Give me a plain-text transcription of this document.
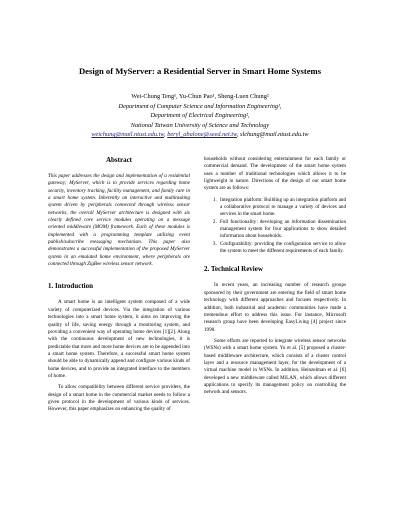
Design of MyServer: a Residential Server in Smart Home Systems
Wei-Chung Teng¹, Yu-Chun Pao¹, Sheng-Luen Chung²
Department of Computer Science and Information Engineering¹,
Department of Electrical Engineering²,
National Taiwan University of Science and Technology
weichung@mail.ntust.edu.tw, beryl_abalone@seed.net.tw, slchung@mail.ntust.edu.tw
Abstract
This paper addresses the design and implementation of a residential gateway; MyServer, which is to provide services regarding home security, inventory tracking, facility management, and family care in a smart home system. Inherently an interactive and multitasking system driven by peripherals connected through wireless sensor networks, the overall MyServer architecture is designed with six clearly defined core service modules operating on a message oriented middleware (MOM) framework. Each of these modules is implemented with a programming template utilizing event publish/subscribe messaging mechanism. This paper also demonstrates a successful implementation of the proposed MyServer system in an emulated home environment, where peripherals are connected through ZigBee wireless sensor network.
1. Introduction

A smart home is an intelligent system composed of a wide variety of computerized devices. Via the integration of various technologies into a smart home system, it aims on improving the quality of life, saving energy through a monitoring system, and providing a convenient way of operating home devices [1][2]. Along with the continuous development of new technologies, it is predictable that more and more home devices are to be appended into a smart home system. Therefore, a successful smart home system should be able to dynamically append and configure various kinds of home devices, and to provide an integrated interface to the members of home.

To allow compatibility between different service providers, the design of a smart home in the commercial market needs to follow a given protocol in the development of various kinds of services. However, this paper emphasizes on enhancing the quality of

households without considering entertainment for each family or commercial demand. The development of the smart home system uses a number of traditional technologies which allows it to be lightweight in nature. Directions of the design of our smart home system are as follows:

1. Integration platform: Building up an integration platform and a collaborative protocol to manage a variety of devices and services in the smart home.
2. Full functionality: developing an information dissemination management system for four applications to show detailed information about households.
3. Configurability: providing the configuration service to allow the system to meet the different requirements of each family.
2. Technical Review

In recent years, an increasing number of research groups sponsored by their government are entering the field of smart home technology with different approaches and focuses respectively. In addition, both industrial and academic communities have made a tremendous effort to address this issue. For instance, Microsoft research group have been developing EasyLiving [4] project since 1998.

Some efforts are reported to integrate wireless sensor networks (WSNs) with a smart home system. Yu et al. [5] proposed a cluster-based middleware architecture, which consists of a cluster control layer and a resource management layer, for the development of a virtual machine model in WSNs. In addition, Heinzelman et al. [6] developed a new middleware called MiLAN, which allows different applications to specify its management policy on controlling the network and sensors.
